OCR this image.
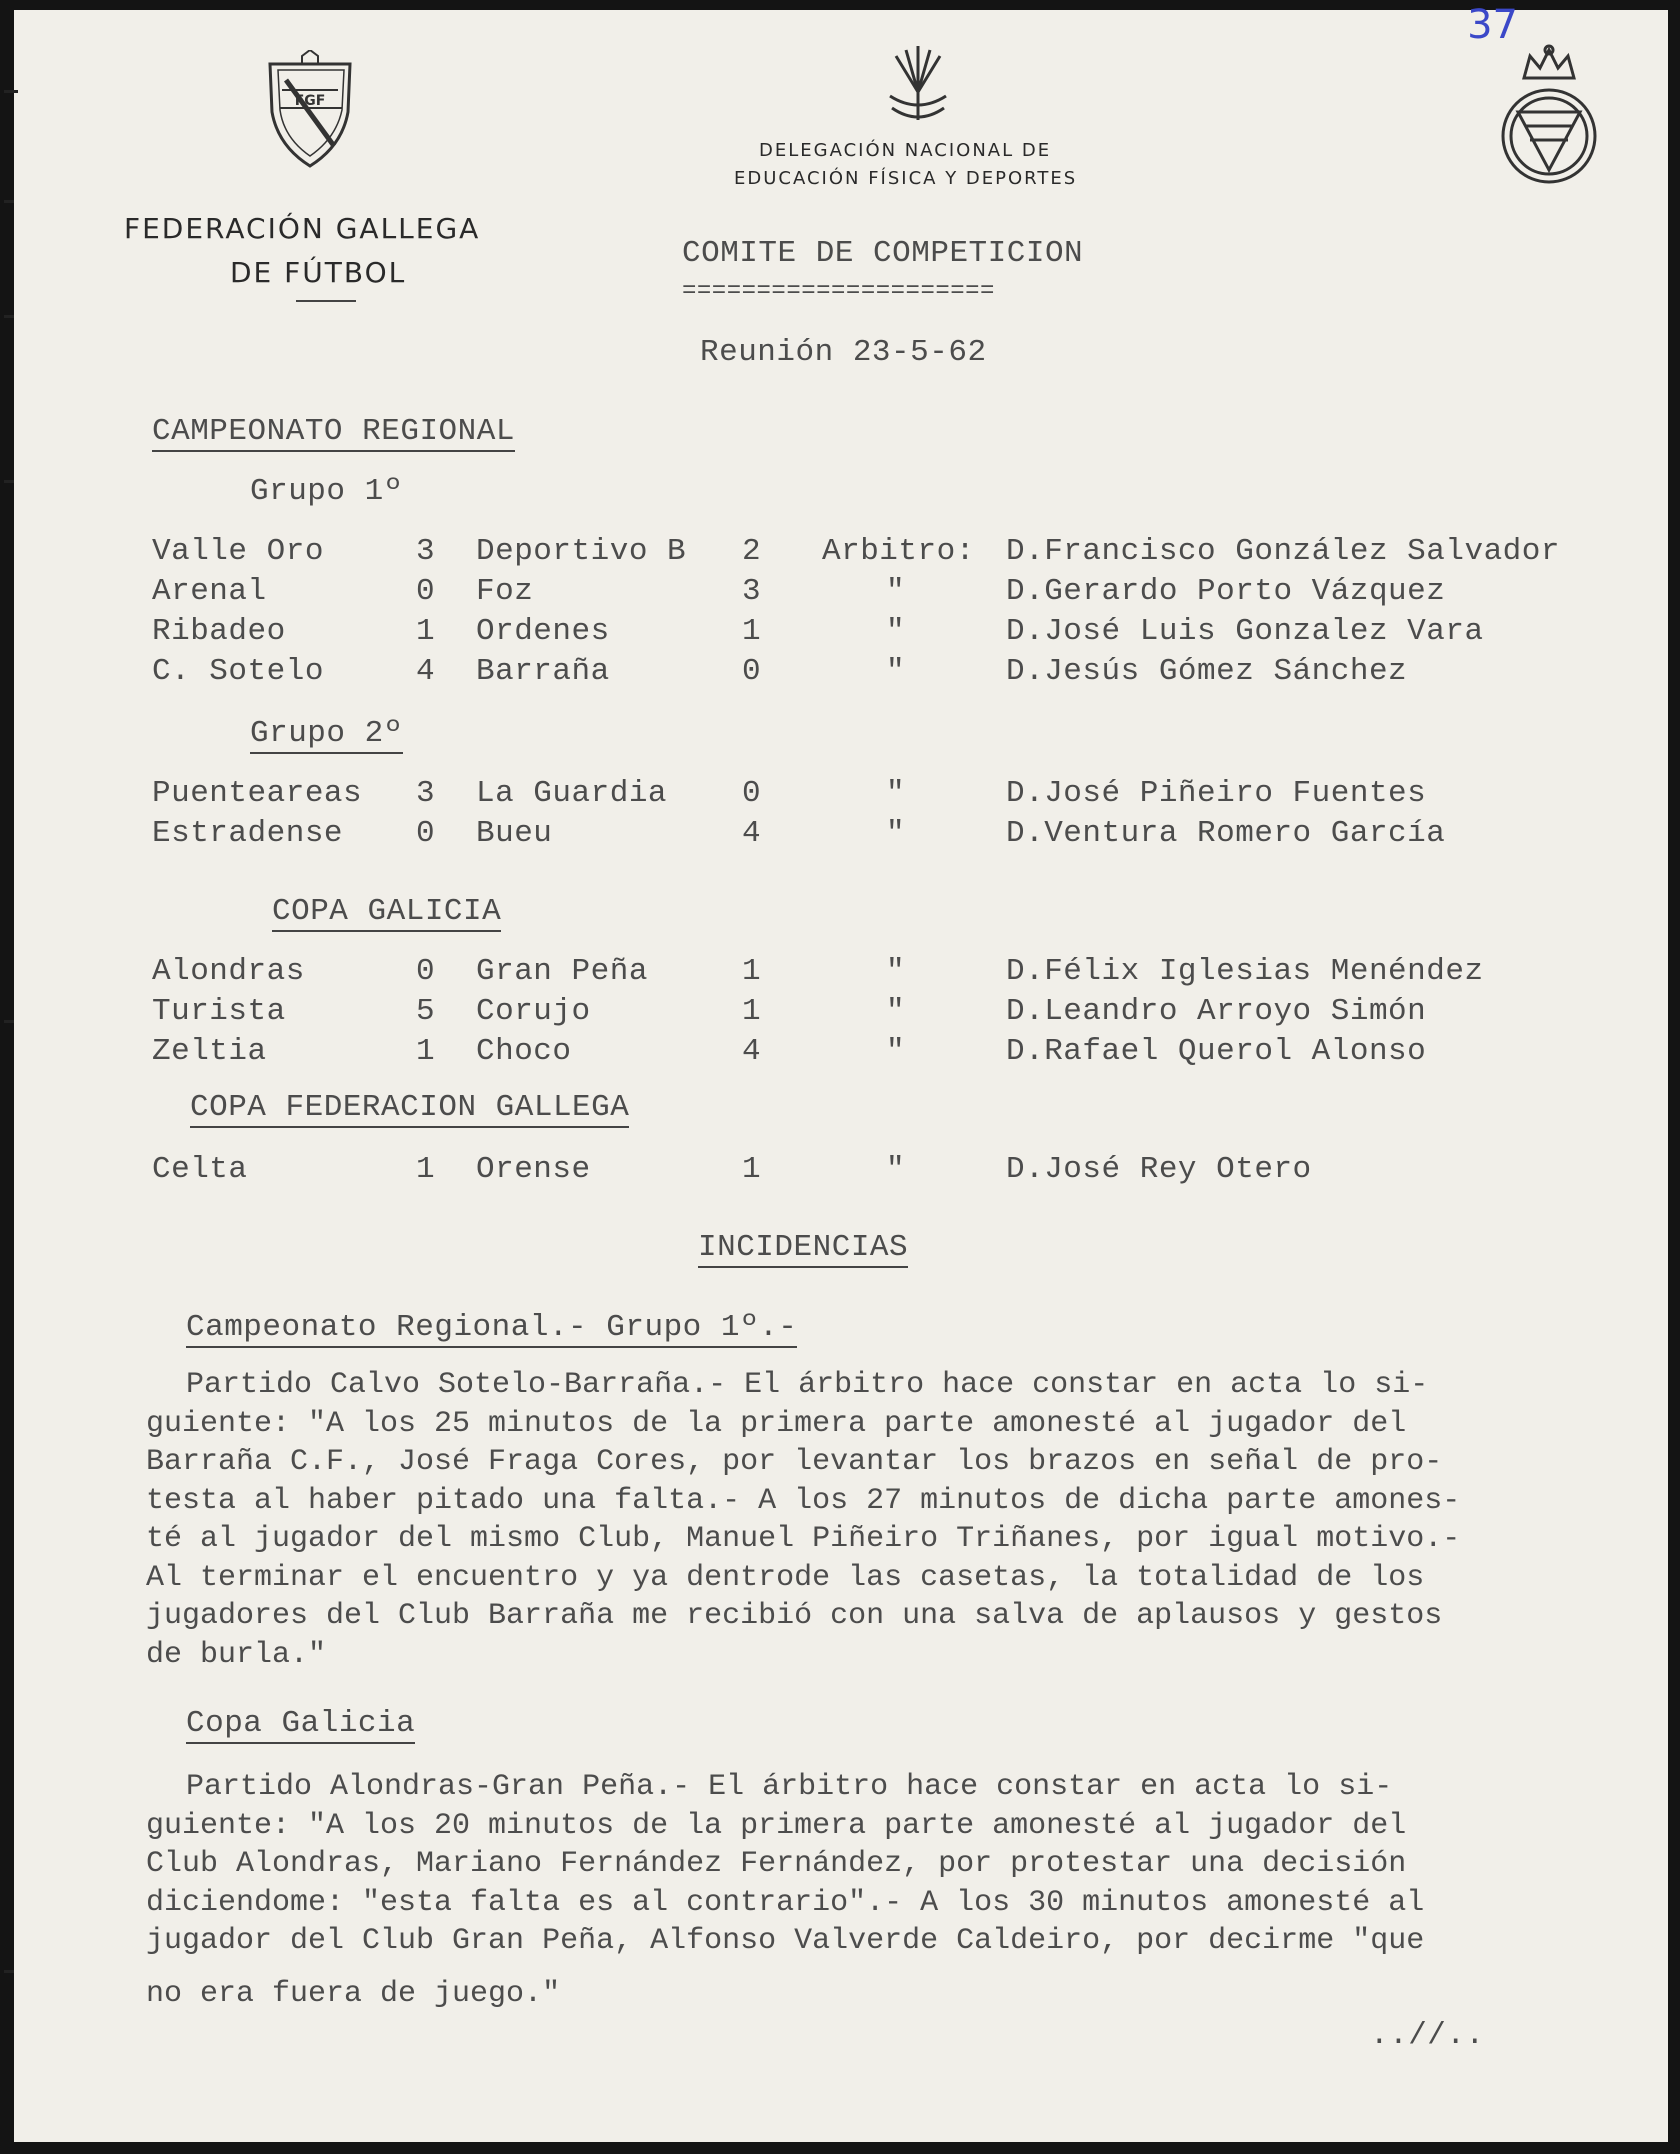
37
FGF
FEDERACIÓN GALLEGA
DE FÚTBOL
DELEGACIÓN NACIONAL DE
EDUCACIÓN FÍSICA Y DEPORTES
COMITE DE COMPETICION
=====================
Reunión 23-5-62
CAMPEONATO REGIONAL
Grupo 1º
Valle Oro	3 Deportivo B 2 Arbitro: D.Francisco González Salvador
Arenal	0 Foz	3	"	D.Gerardo Porto Vázquez
Ribadeo	1 Ordenes	1	"	D.José Luis Gonzalez Vara
C. Sotelo	4 Barraña	0	"	D.Jesús Gómez Sánchez
Grupo 2º
Puenteareas 3 La Guardia 0	"	D.José Piñeiro Fuentes
Estradense 0 Bueu	4	"	D.Ventura Romero García
COPA GALICIA
Alondras	0 Gran Peña	1	"	D.Félix Iglesias Menéndez
Turista	5 Corujo	1	"	D.Leandro Arroyo Simón
Zeltia	1 Choco	4	"	D.Rafael Querol Alonso
COPA FEDERACION GALLEGA
Celta	1 Orense	1	"	D.José Rey Otero
INCIDENCIAS
Campeonato Regional.- Grupo 1º.-
Partido Calvo Sotelo-Barraña.- El árbitro hace constar en acta lo si-
guiente: "A los 25 minutos de la primera parte amonesté al jugador del
Barraña C.F., José Fraga Cores, por levantar los brazos en señal de pro-
testa al haber pitado una falta.- A los 27 minutos de dicha parte amones-
té al jugador del mismo Club, Manuel Piñeiro Triñanes, por igual motivo.-
Al terminar el encuentro y ya dentrode las casetas, la totalidad de los
jugadores del Club Barraña me recibió con una salva de aplausos y gestos
de burla."
Copa Galicia
Partido Alondras-Gran Peña.- El árbitro hace constar en acta lo si-
guiente: "A los 20 minutos de la primera parte amonesté al jugador del
Club Alondras, Mariano Fernández Fernández, por protestar una decisión
diciendome: "esta falta es al contrario".- A los 30 minutos amonesté al
jugador del Club Gran Peña, Alfonso Valverde Caldeiro, por decirme "que
no era fuera de juego."
..//..
